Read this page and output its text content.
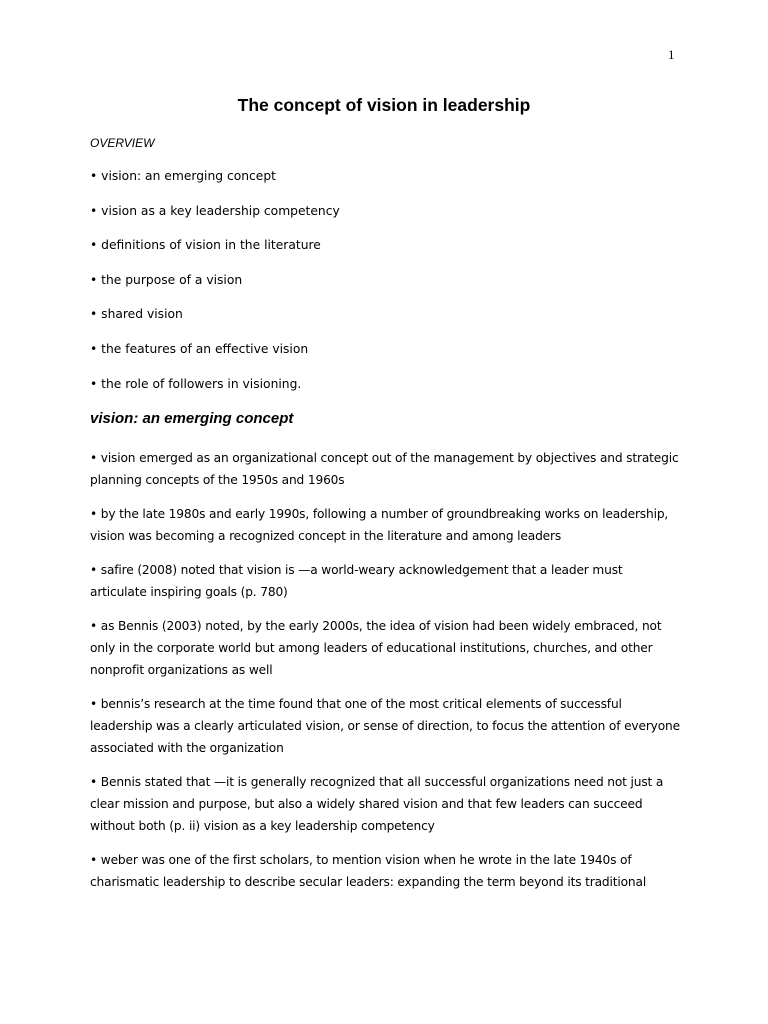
1
The concept of vision in leadership
OVERVIEW
• vision: an emerging concept
• vision as a key leadership competency
• definitions of vision in the literature
• the purpose of a vision
• shared vision
• the features of an effective vision
• the role of followers in visioning.
vision: an emerging concept

• vision emerged as an organizational concept out of the management by objectives and strategic planning concepts of the 1950s and 1960s

• by the late 1980s and early 1990s, following a number of groundbreaking works on leadership, vision was becoming a recognized concept in the literature and among leaders

• safire (2008) noted that vision is —a world-weary acknowledgement that a leader must articulate inspiring goals (p. 780)

• as Bennis (2003) noted, by the early 2000s, the idea of vision had been widely embraced, not only in the corporate world but among leaders of educational institutions, churches, and other nonprofit organizations as well

• bennis’s research at the time found that one of the most critical elements of successful leadership was a clearly articulated vision, or sense of direction, to focus the attention of everyone associated with the organization

• Bennis stated that —it is generally recognized that all successful organizations need not just a clear mission and purpose, but also a widely shared vision and that few leaders can succeed without both (p. ii) vision as a key leadership competency

• weber was one of the first scholars, to mention vision when he wrote in the late 1940s of charismatic leadership to describe secular leaders: expanding the term beyond its traditional
